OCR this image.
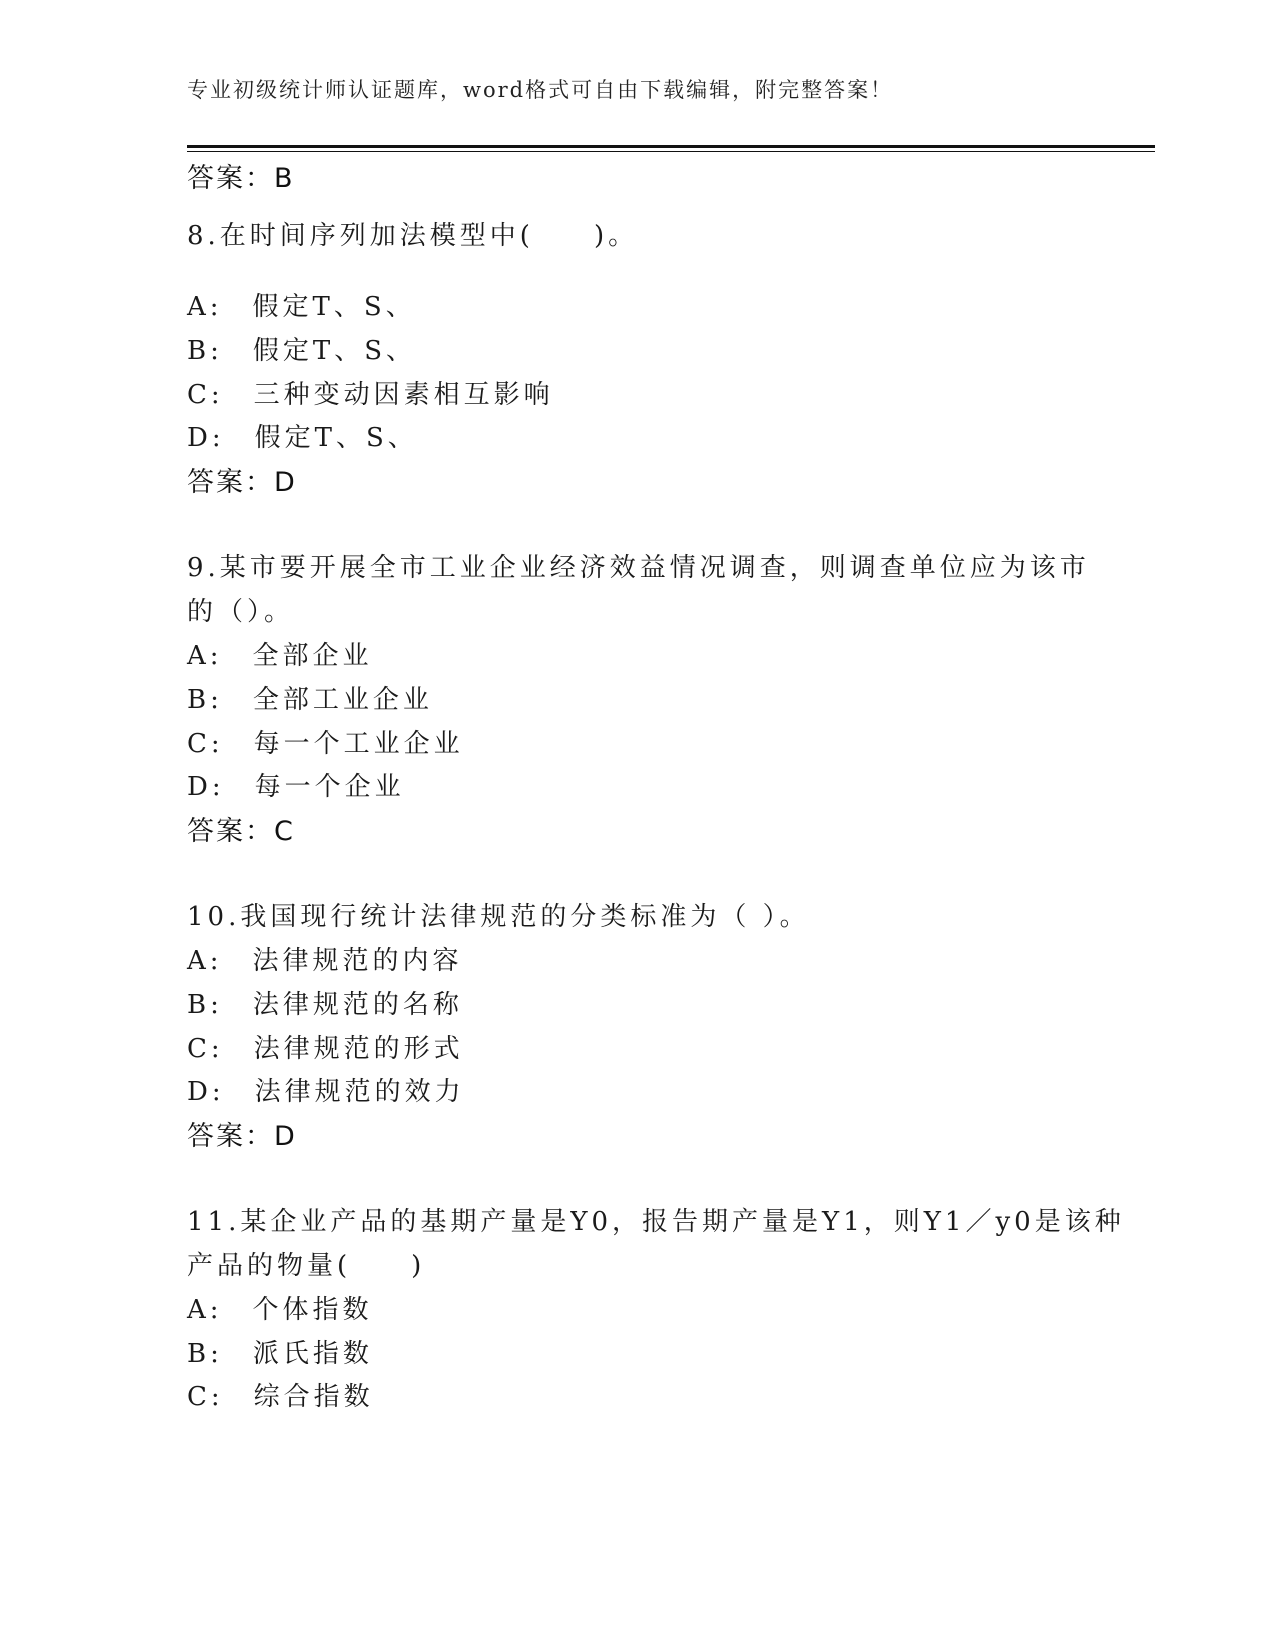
专业初级统计师认证题库，word格式可自由下载编辑，附完整答案！
答案：B
8.在时间序列加法模型中(　　)。
A:　假定T、S、
B:　假定T、S、
C:　三种变动因素相互影响
D:　假定T、S、
答案：D
9.某市要开展全市工业企业经济效益情况调查，则调查单位应为该市
的（）。
A:　全部企业
B:　全部工业企业
C:　每一个工业企业
D:　每一个企业
答案：C
10.我国现行统计法律规范的分类标准为（ ）。
A:　法律规范的内容
B:　法律规范的名称
C:　法律规范的形式
D:　法律规范的效力
答案：D
11.某企业产品的基期产量是Y0，报告期产量是Y1，则Y1／y0是该种
产品的物量(　　)
A:　个体指数
B:　派氏指数
C:　综合指数
